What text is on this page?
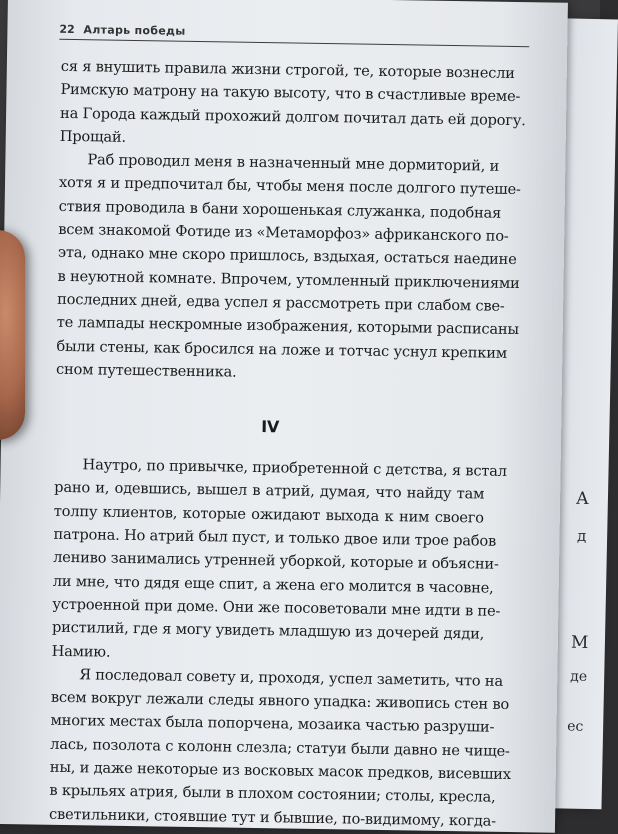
А
д
М
де
ес
22 Алтарь победы
ся я внушить правила жизни строгой, те, которые вознесли
Римскую матрону на такую высоту, что в счастливые време-
на Города каждый прохожий долгом почитал дать ей дорогу.
Прощай.
Раб проводил меня в назначенный мне дормиторий, и
хотя я и предпочитал бы, чтобы меня после долгого путеше-
ствия проводила в бани хорошенькая служанка, подобная
всем знакомой Фотиде из «Метаморфоз» африканского по-
эта, однако мне скоро пришлось, вздыхая, остаться наедине
в неуютной комнате. Впрочем, утомленный приключениями
последних дней, едва успел я рассмотреть при слабом све-
те лампады нескромные изображения, которыми расписаны
были стены, как бросился на ложе и тотчас уснул крепким
сном путешественника.
IV
Наутро, по привычке, приобретенной с детства, я встал
рано и, одевшись, вышел в атрий, думая, что найду там
толпу клиентов, которые ожидают выхода к ним своего
патрона. Но атрий был пуст, и только двое или трое рабов
лениво занимались утренней уборкой, которые и объясни-
ли мне, что дядя еще спит, а жена его молится в часовне,
устроенной при доме. Они же посоветовали мне идти в пе-
ристилий, где я могу увидеть младшую из дочерей дяди,
Намию.
Я последовал совету и, проходя, успел заметить, что на
всем вокруг лежали следы явного упадка: живопись стен во
многих местах была попорчена, мозаика частью разруши-
лась, позолота с колонн слезла; статуи были давно не чище-
ны, и даже некоторые из восковых масок предков, висевших
в крыльях атрия, были в плохом состоянии; столы, кресла,
светильники, стоявшие тут и бывшие, по-видимому, когда-
